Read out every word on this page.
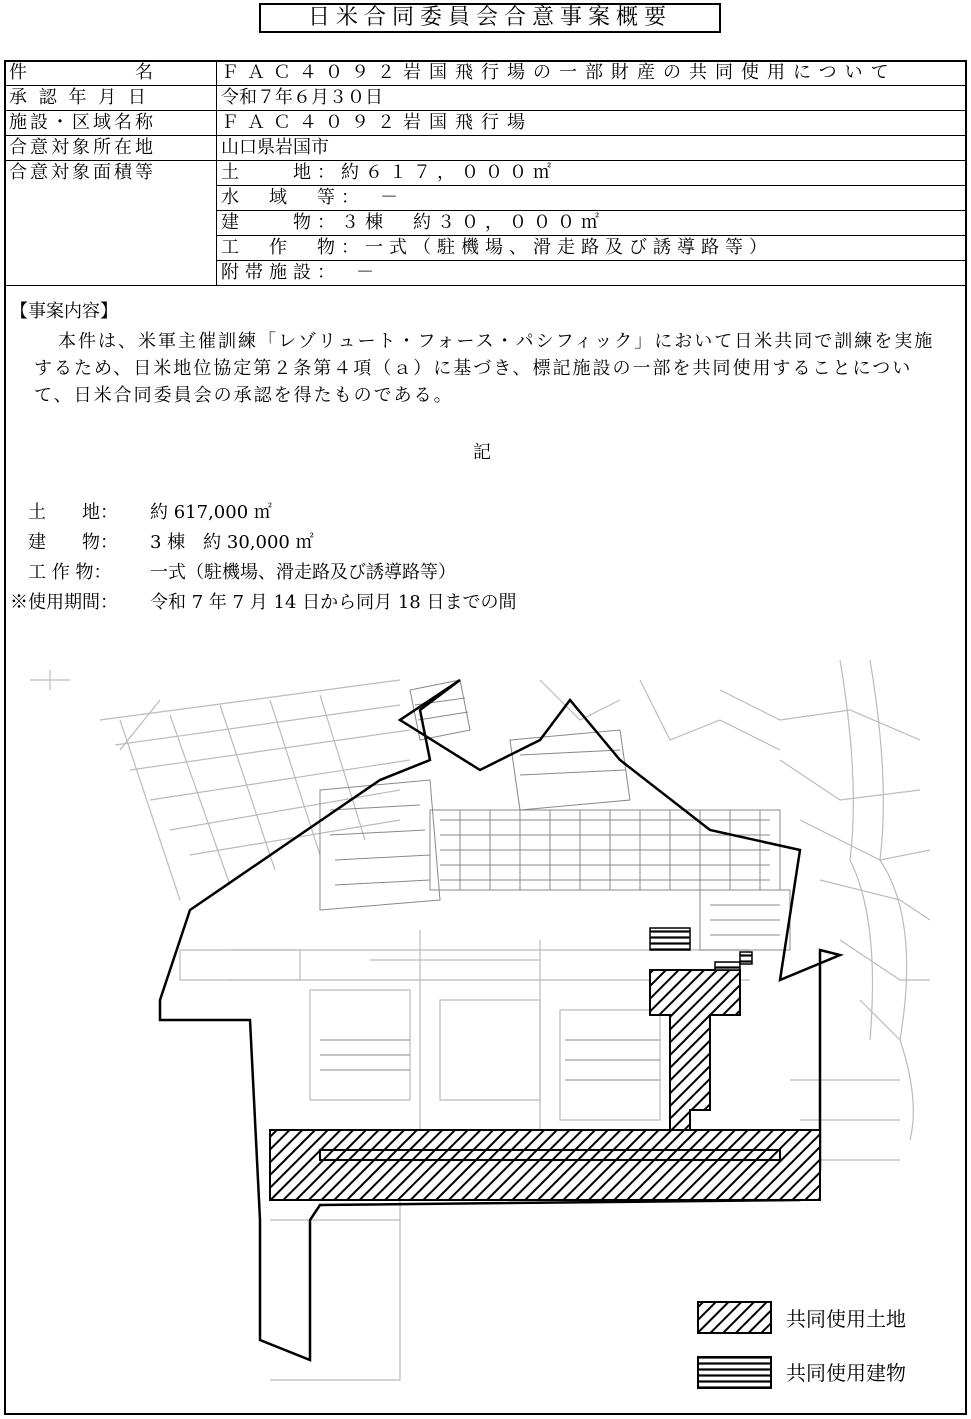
日米合同委員会合意事案概要
件　　　　　名	ＦＡＣ４０９２岩国飛行場の一部財産の共同使用について
承 認 年 月 日	令和７年６月３０日
施設・区域名称	ＦＡＣ４０９２岩国飛行場
合意対象所在地	山口県岩国市
合意対象面積等	土　　地：約６１７，０００㎡
	水　域　等：　－
	建　　物：３棟　約３０，０００㎡
	工　作　物：一式（駐機場、滑走路及び誘導路等）
	附帯施設：　－
【事案内容】
本件は、米軍主催訓練「レゾリュート・フォース・パシフィック」において日米共同で訓練を実施するため、日米地位協定第２条第４項（ａ）に基づき、標記施設の一部を共同使用することについて、日米合同委員会の承認を得たものである。
記
　土　　地： 約 617,000 ㎡
　建　　物： 3 棟　約 30,000 ㎡
　工 作 物： 一式（駐機場、滑走路及び誘導路等）
※使用期間： 令和 7 年 7 月 14 日から同月 18 日までの間
共同使用土地
共同使用建物
